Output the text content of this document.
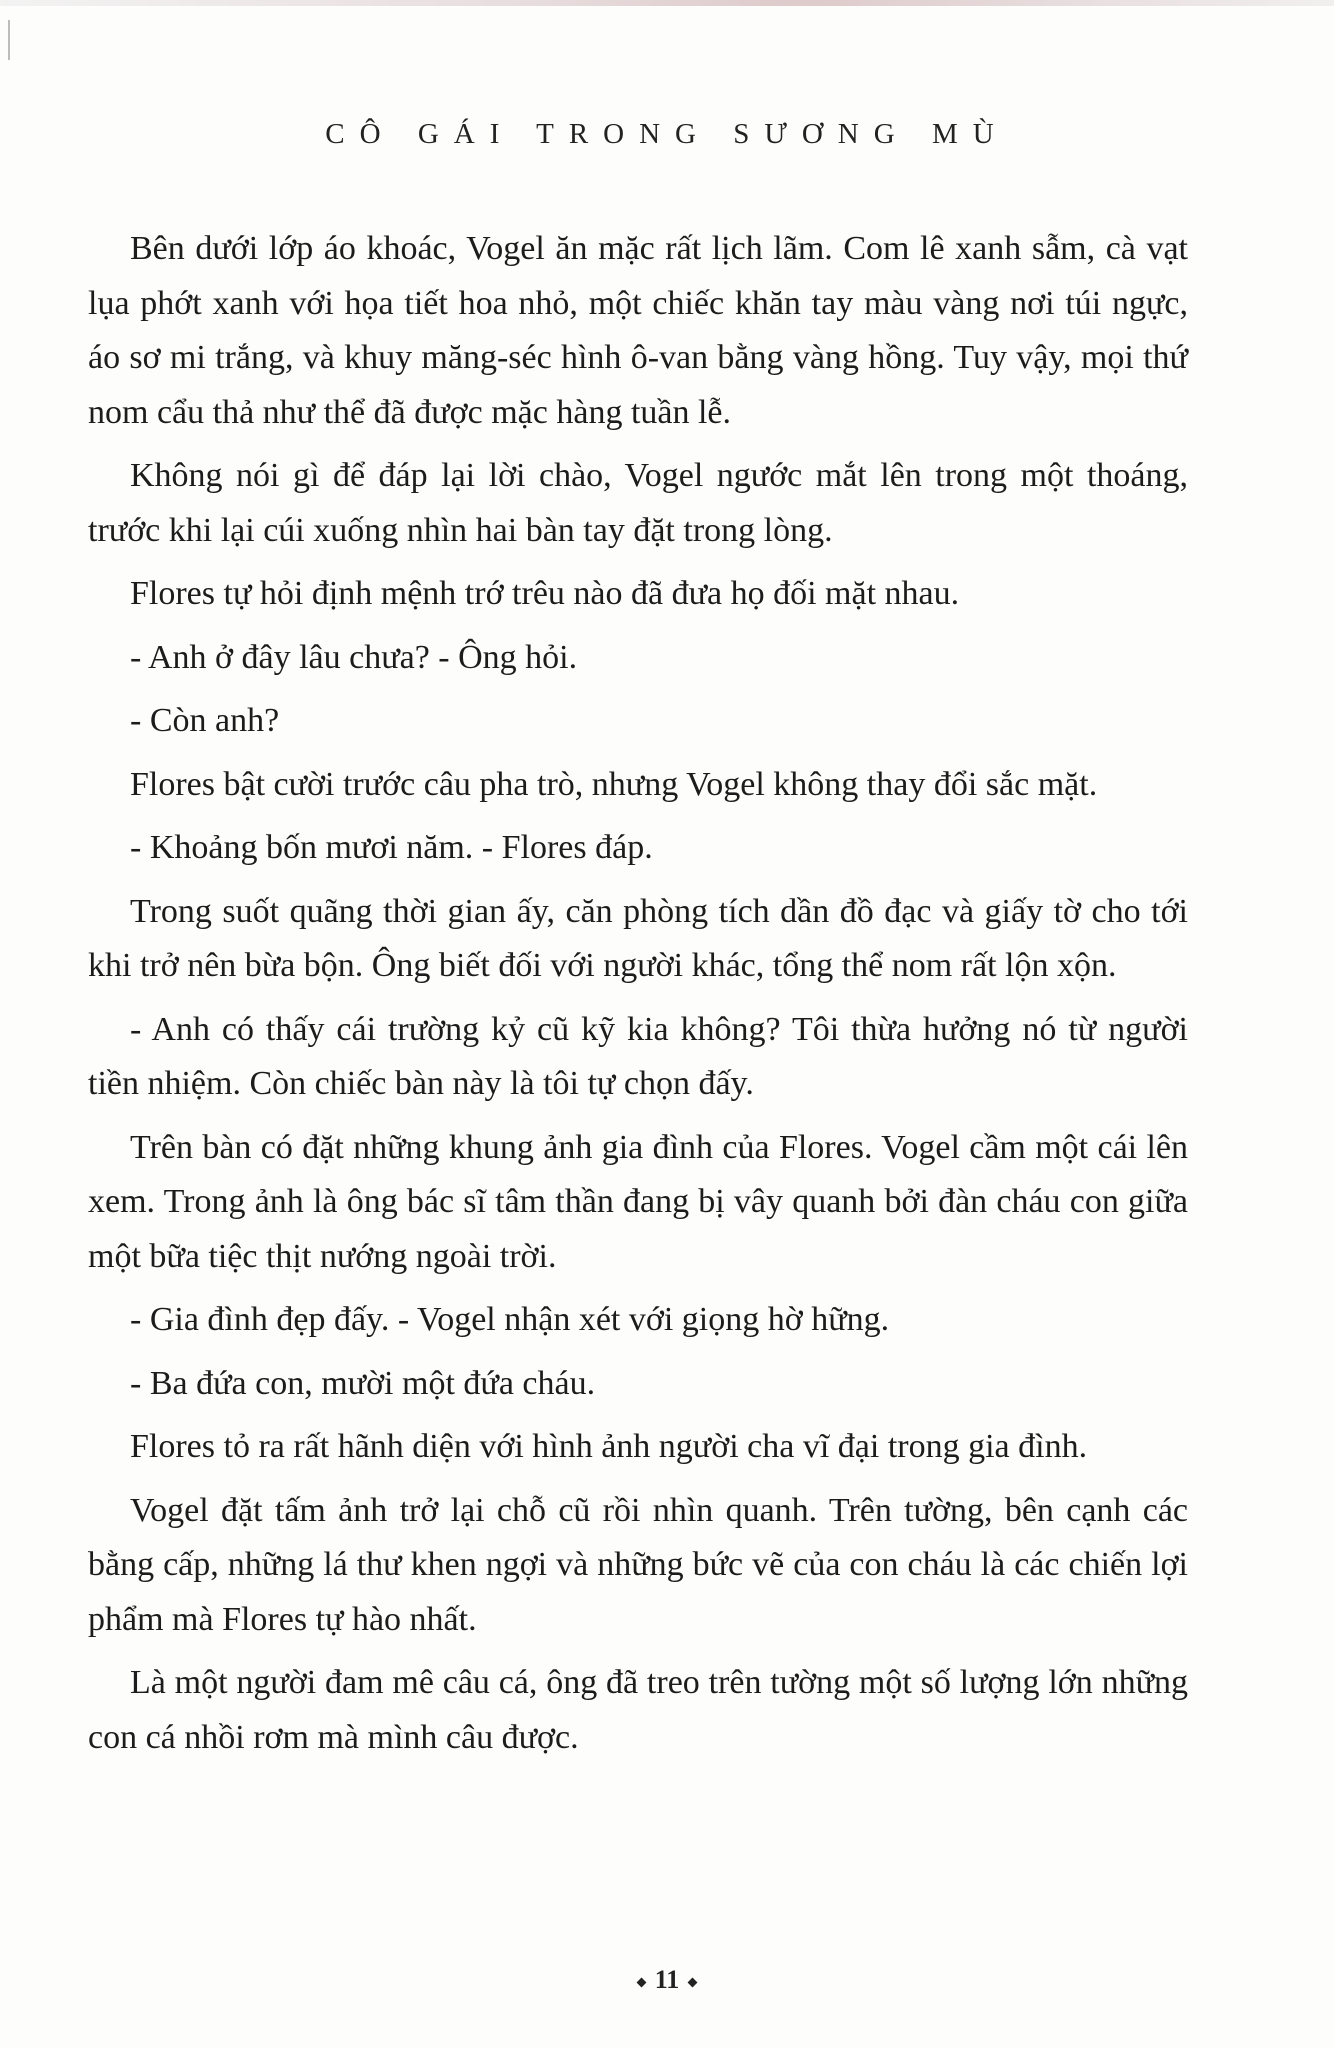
CÔ GÁI TRONG SƯƠNG MÙ

Bên dưới lớp áo khoác, Vogel ăn mặc rất lịch lãm. Com lê xanh sẫm, cà vạt lụa phớt xanh với họa tiết hoa nhỏ, một chiếc khăn tay màu vàng nơi túi ngực, áo sơ mi trắng, và khuy măng-séc hình ô-van bằng vàng hồng. Tuy vậy, mọi thứ nom cẩu thả như thể đã được mặc hàng tuần lễ.

Không nói gì để đáp lại lời chào, Vogel ngước mắt lên trong một thoáng, trước khi lại cúi xuống nhìn hai bàn tay đặt trong lòng.

Flores tự hỏi định mệnh trớ trêu nào đã đưa họ đối mặt nhau.

- Anh ở đây lâu chưa? - Ông hỏi.

- Còn anh?

Flores bật cười trước câu pha trò, nhưng Vogel không thay đổi sắc mặt.

- Khoảng bốn mươi năm. - Flores đáp.

Trong suốt quãng thời gian ấy, căn phòng tích dần đồ đạc và giấy tờ cho tới khi trở nên bừa bộn. Ông biết đối với người khác, tổng thể nom rất lộn xộn.

- Anh có thấy cái trường kỷ cũ kỹ kia không? Tôi thừa hưởng nó từ người tiền nhiệm. Còn chiếc bàn này là tôi tự chọn đấy.

Trên bàn có đặt những khung ảnh gia đình của Flores. Vogel cầm một cái lên xem. Trong ảnh là ông bác sĩ tâm thần đang bị vây quanh bởi đàn cháu con giữa một bữa tiệc thịt nướng ngoài trời.

- Gia đình đẹp đấy. - Vogel nhận xét với giọng hờ hững.

- Ba đứa con, mười một đứa cháu.

Flores tỏ ra rất hãnh diện với hình ảnh người cha vĩ đại trong gia đình.

Vogel đặt tấm ảnh trở lại chỗ cũ rồi nhìn quanh. Trên tường, bên cạnh các bằng cấp, những lá thư khen ngợi và những bức vẽ của con cháu là các chiến lợi phẩm mà Flores tự hào nhất.

Là một người đam mê câu cá, ông đã treo trên tường một số lượng lớn những con cá nhồi rơm mà mình câu được.

11
